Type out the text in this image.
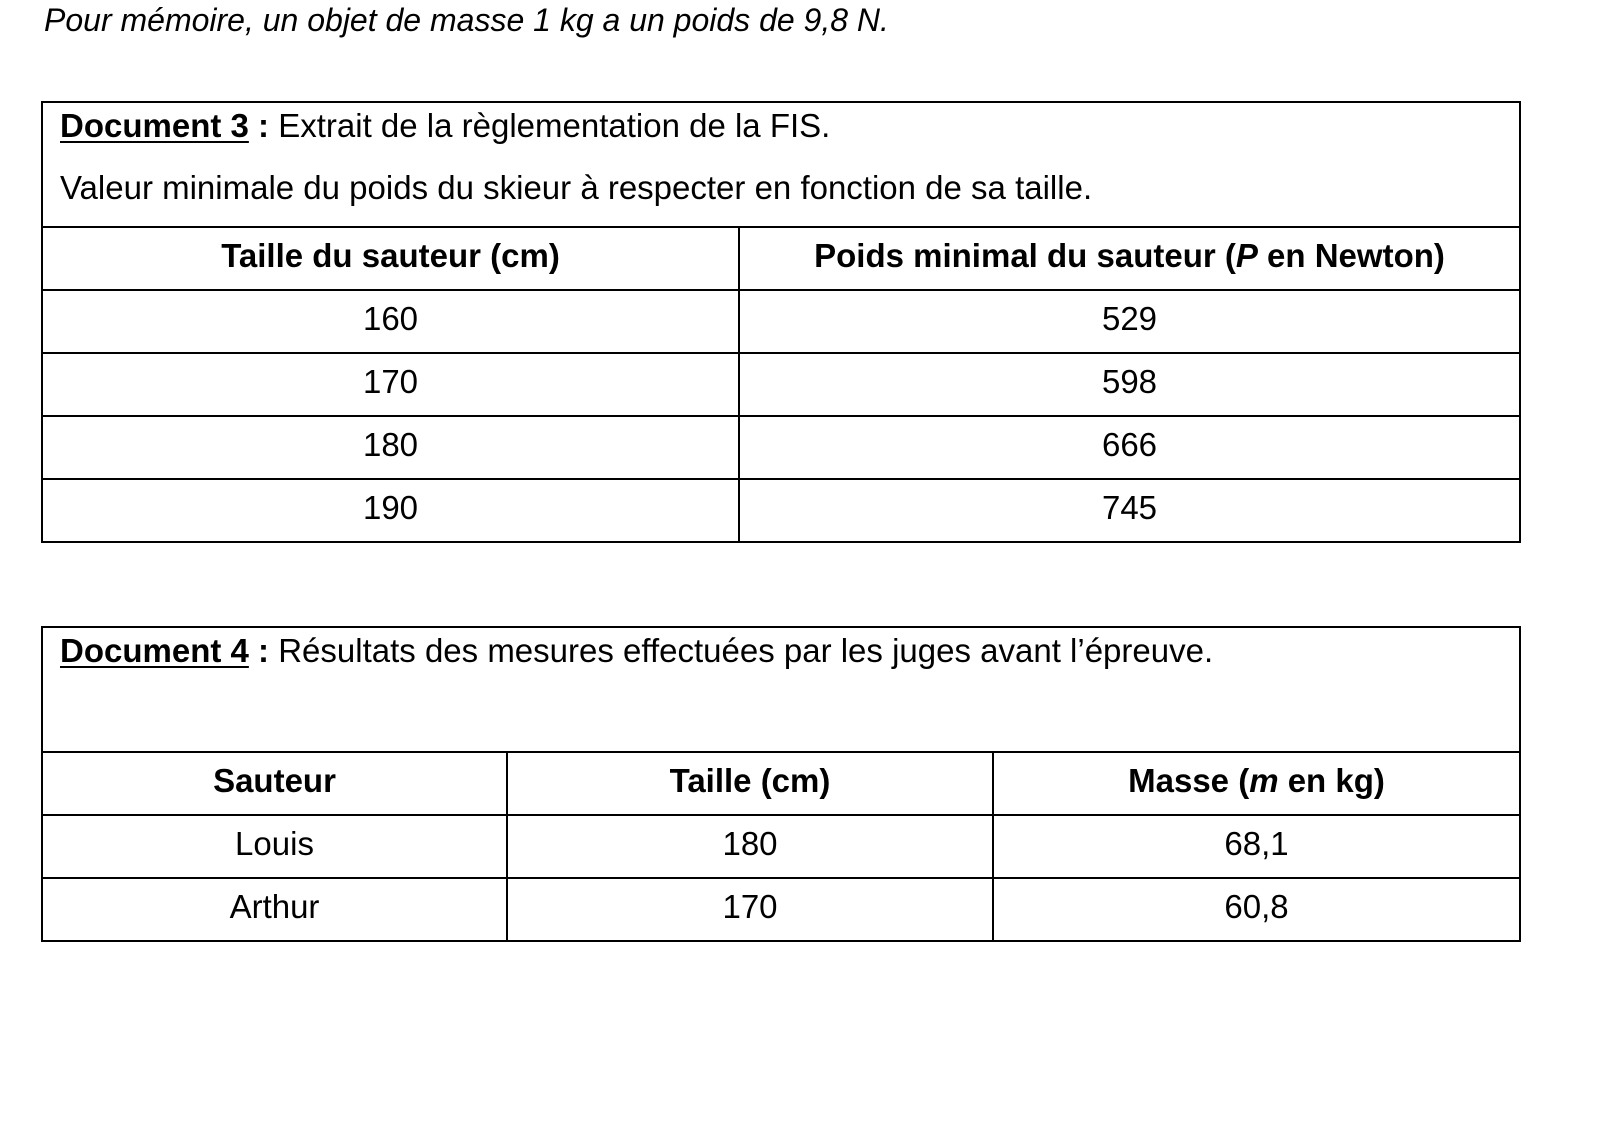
Pour mémoire, un objet de masse 1 kg a un poids de 9,8 N.
Document 3 : Extrait de la règlementation de la FIS.
Valeur minimale du poids du skieur à respecter en fonction de sa taille.	

Taille du sauteur (cm)	Poids minimal du sauteur (P en Newton)
160	529
170	598
180	666
190	745
Document 4 : Résultats des mesures effectuées par les juges avant l’épreuve.		

Sauteur	Taille (cm)	Masse (m en kg)
Louis	180	68,1
Arthur	170	60,8
